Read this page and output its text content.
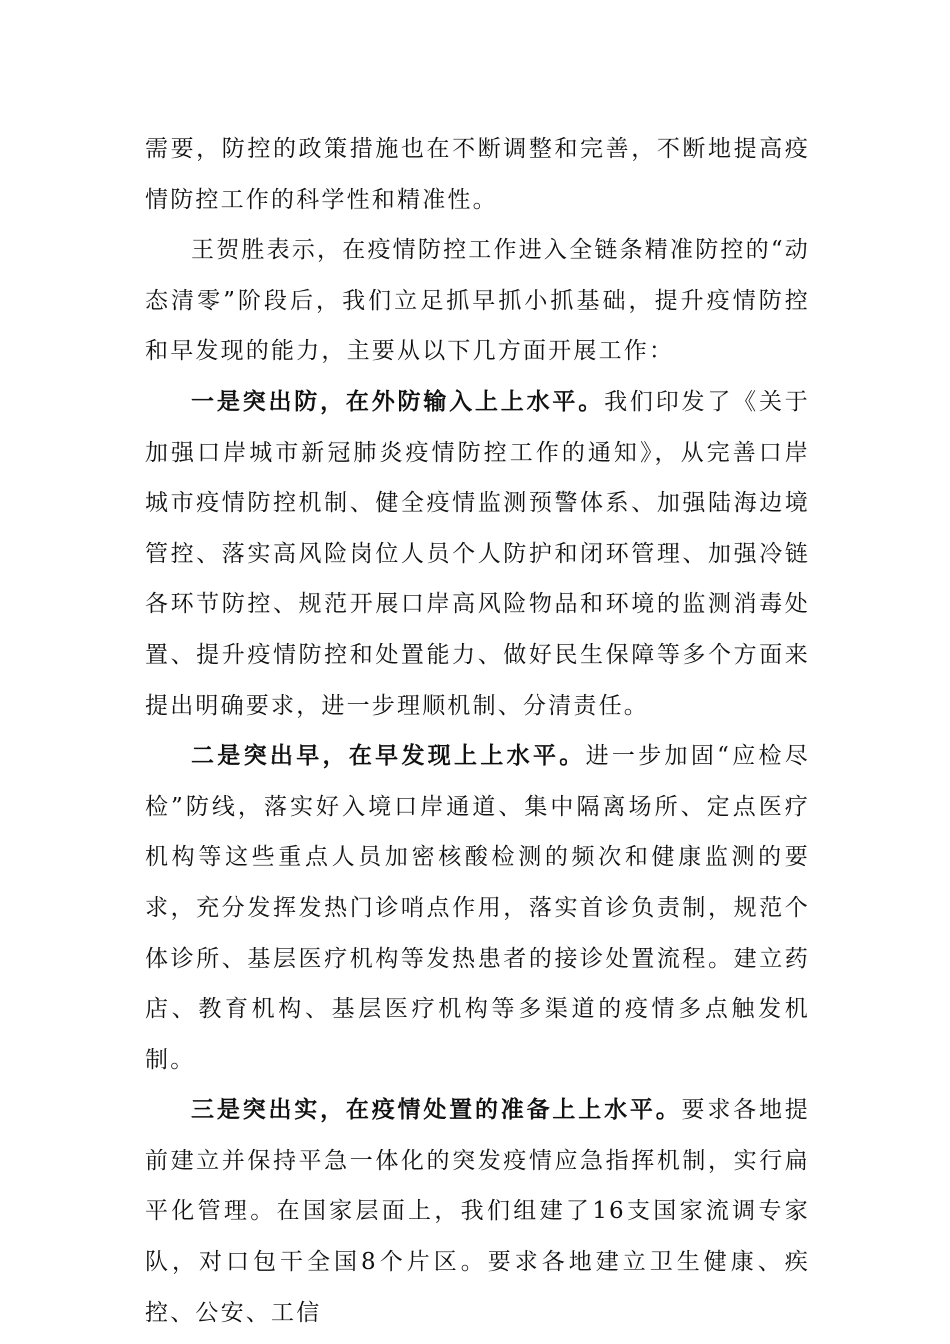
需要，防控的政策措施也在不断调整和完善，不断地提高疫情防控工作的科学性和精准性。

王贺胜表示，在疫情防控工作进入全链条精准防控的“动态清零”阶段后，我们立足抓早抓小抓基础，提升疫情防控和早发现的能力，主要从以下几方面开展工作：

一是突出防，在外防输入上上水平。我们印发了《关于加强口岸城市新冠肺炎疫情防控工作的通知》，从完善口岸城市疫情防控机制、健全疫情监测预警体系、加强陆海边境管控、落实高风险岗位人员个人防护和闭环管理、加强冷链各环节防控、规范开展口岸高风险物品和环境的监测消毒处置、提升疫情防控和处置能力、做好民生保障等多个方面来提出明确要求，进一步理顺机制、分清责任。

二是突出早，在早发现上上水平。进一步加固“应检尽检”防线，落实好入境口岸通道、集中隔离场所、定点医疗机构等这些重点人员加密核酸检测的频次和健康监测的要求，充分发挥发热门诊哨点作用，落实首诊负责制，规范个体诊所、基层医疗机构等发热患者的接诊处置流程。建立药店、教育机构、基层医疗机构等多渠道的疫情多点触发机制。

三是突出实，在疫情处置的准备上上水平。要求各地提前建立并保持平急一体化的突发疫情应急指挥机制，实行扁平化管理。在国家层面上，我们组建了16支国家流调专家队，对口包干全国8个片区。要求各地建立卫生健康、疾控、公安、工信
